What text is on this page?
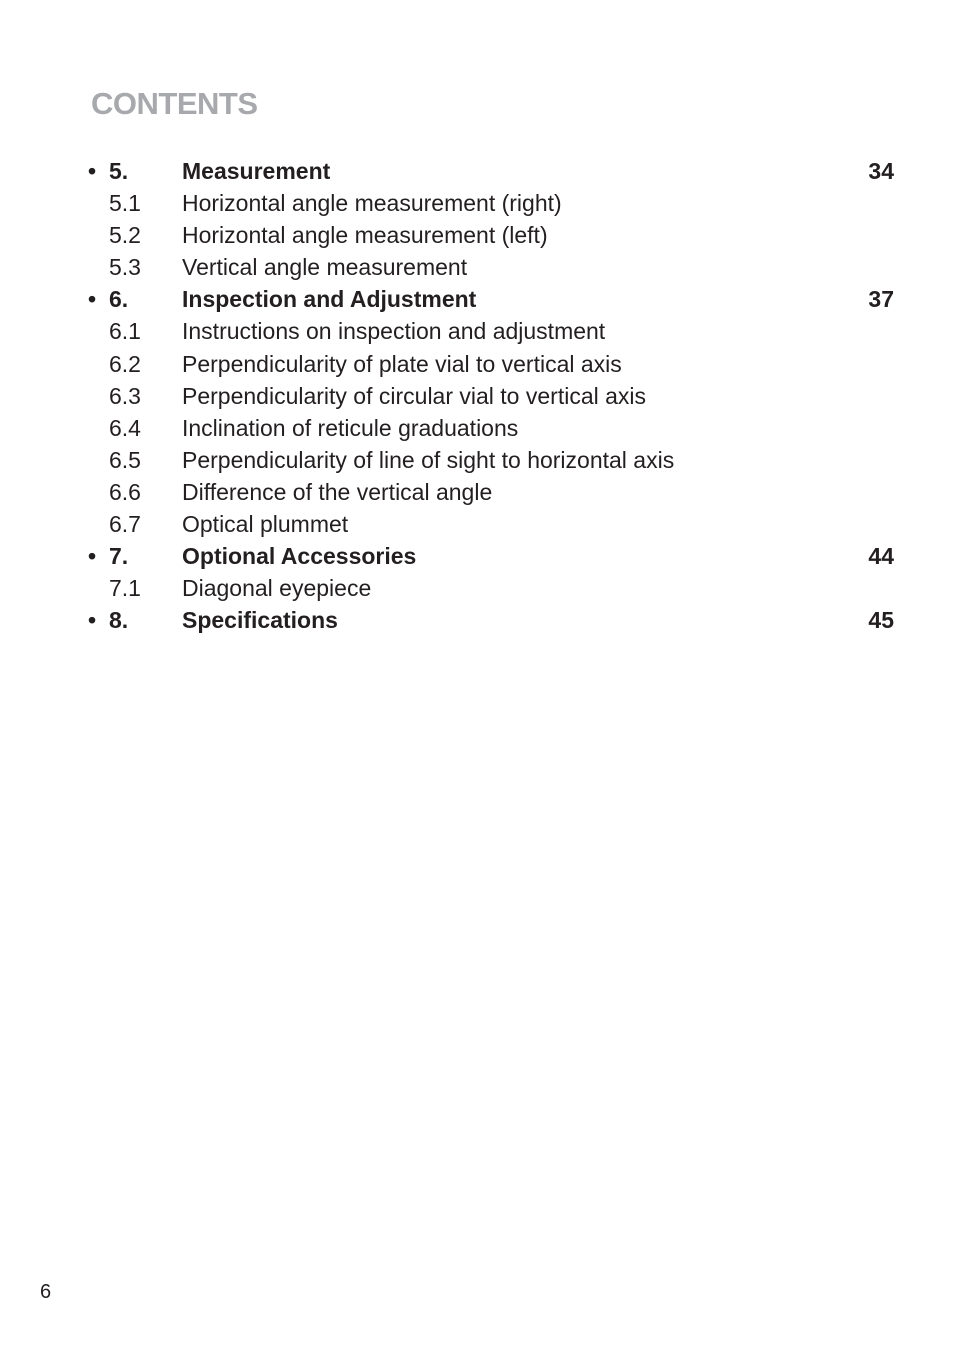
CONTENTS
• 5. Measurement	34
5.1 Horizontal angle measurement (right)
5.2 Horizontal angle measurement (left)
5.3 Vertical angle measurement
• 6. Inspection and Adjustment	37
6.1 Instructions on inspection and adjustment
6.2 Perpendicularity of plate vial to vertical axis
6.3 Perpendicularity of circular vial to vertical axis
6.4 Inclination of reticule graduations
6.5 Perpendicularity of line of sight to horizontal axis
6.6 Difference of the vertical angle
6.7 Optical plummet
• 7. Optional Accessories	44
7.1 Diagonal eyepiece
• 8. Specifications	45
6
